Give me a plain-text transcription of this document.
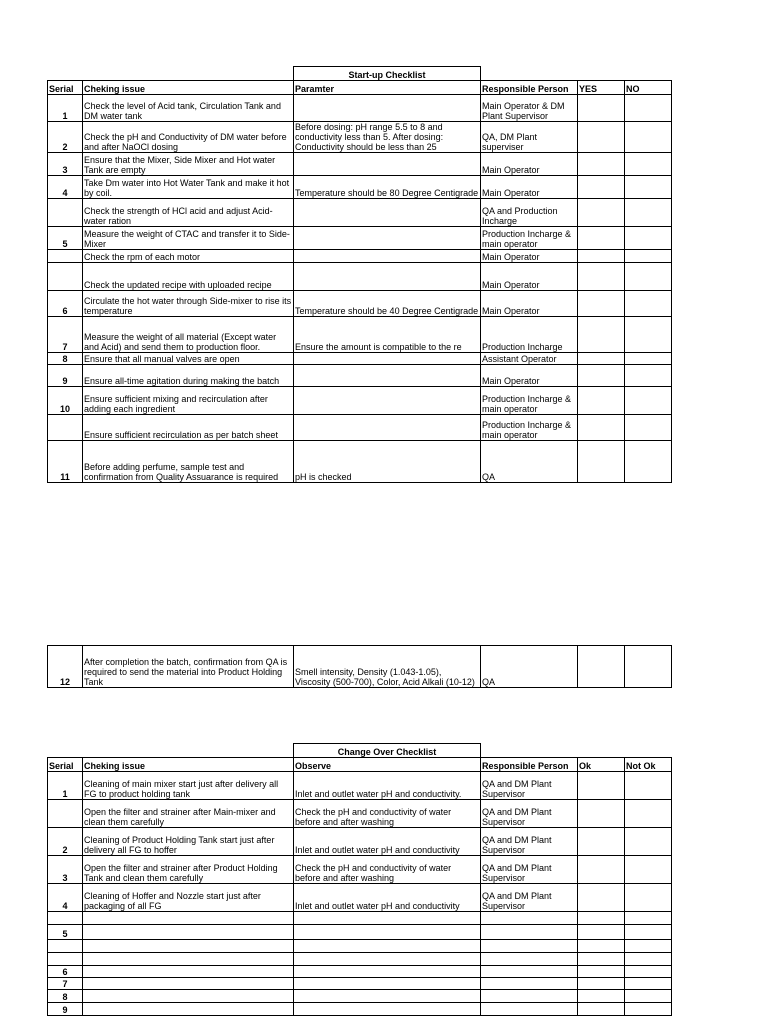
		Start-up Checklist			
Serial	Cheking issue	Paramter	Responsible Person	YES	NO
1	Check the level of Acid tank, Circulation Tank and DM water tank		Main Operator & DM Plant Supervisor		
2	Check the pH and Conductivity of DM water before and after NaOCl dosing	Before dosing: pH range 5.5 to 8 and conductivity less than 5. After dosing: Conductivity should be less than 25	QA, DM Plant superviser		
3	Ensure that the Mixer, Side Mixer and Hot water Tank are empty		Main Operator		
4	Take Dm water into Hot Water Tank and make it hot by coil.	Temperature should be 80 Degree Centigrade	Main Operator		
	Check the strength of HCl acid and adjust Acid-water ration		QA and Production Incharge		
5	Measure the weight of CTAC and transfer it to Side-Mixer		Production Incharge & main operator		
	Check the rpm of each motor		Main Operator		
	Check the updated recipe with uploaded recipe		Main Operator		
6	Circulate the hot water through Side-mixer to rise its temperature	Temperature should be 40 Degree Centigrade	Main Operator		
7	Measure the weight of all material (Except water and Acid) and send them to production floor.	Ensure the amount is compatible to the re	Production Incharge		
8	Ensure that all manual valves are open		Assistant Operator		
9	Ensure all-time agitation during making the batch		Main Operator		
10	Ensure sufficient mixing and recirculation after adding each ingredient		Production Incharge & main operator		
	Ensure sufficient recirculation as per batch sheet		Production Incharge & main operator		
11	Before adding perfume, sample test and confirmation from Quality Assuarance is required	pH is checked	QA		
12	After completion the batch, confirmation from QA is required to send the material into Product Holding Tank	Smell intensity, Density (1.043-1.05), Viscosity (500-700), Color, Acid Alkali (10-12)	QA		
		Change Over Checklist			
Serial	Cheking issue	Observe	Responsible Person	Ok	Not Ok
1	Cleaning of main mixer start just after delivery all FG to product holding tank	Inlet and outlet water pH and conductivity.	QA and DM Plant Supervisor		
	Open the filter and strainer after Main-mixer and clean them carefully	Check the pH and conductivity of water before and after washing	QA and DM Plant Supervisor		
2	Cleaning of Product Holding Tank start just after delivery all FG to hoffer	Inlet and outlet water pH and conductivity	QA and DM Plant Supervisor		
3	Open the filter and strainer after Product Holding Tank and clean them carefully	Check the pH and conductivity of water before and after washing	QA and DM Plant Supervisor		
4	Cleaning of Hoffer and Nozzle start just after packaging of all FG	Inlet and outlet water pH and conductivity	QA and DM Plant Supervisor		

5					

6					
7					
8					
9					
